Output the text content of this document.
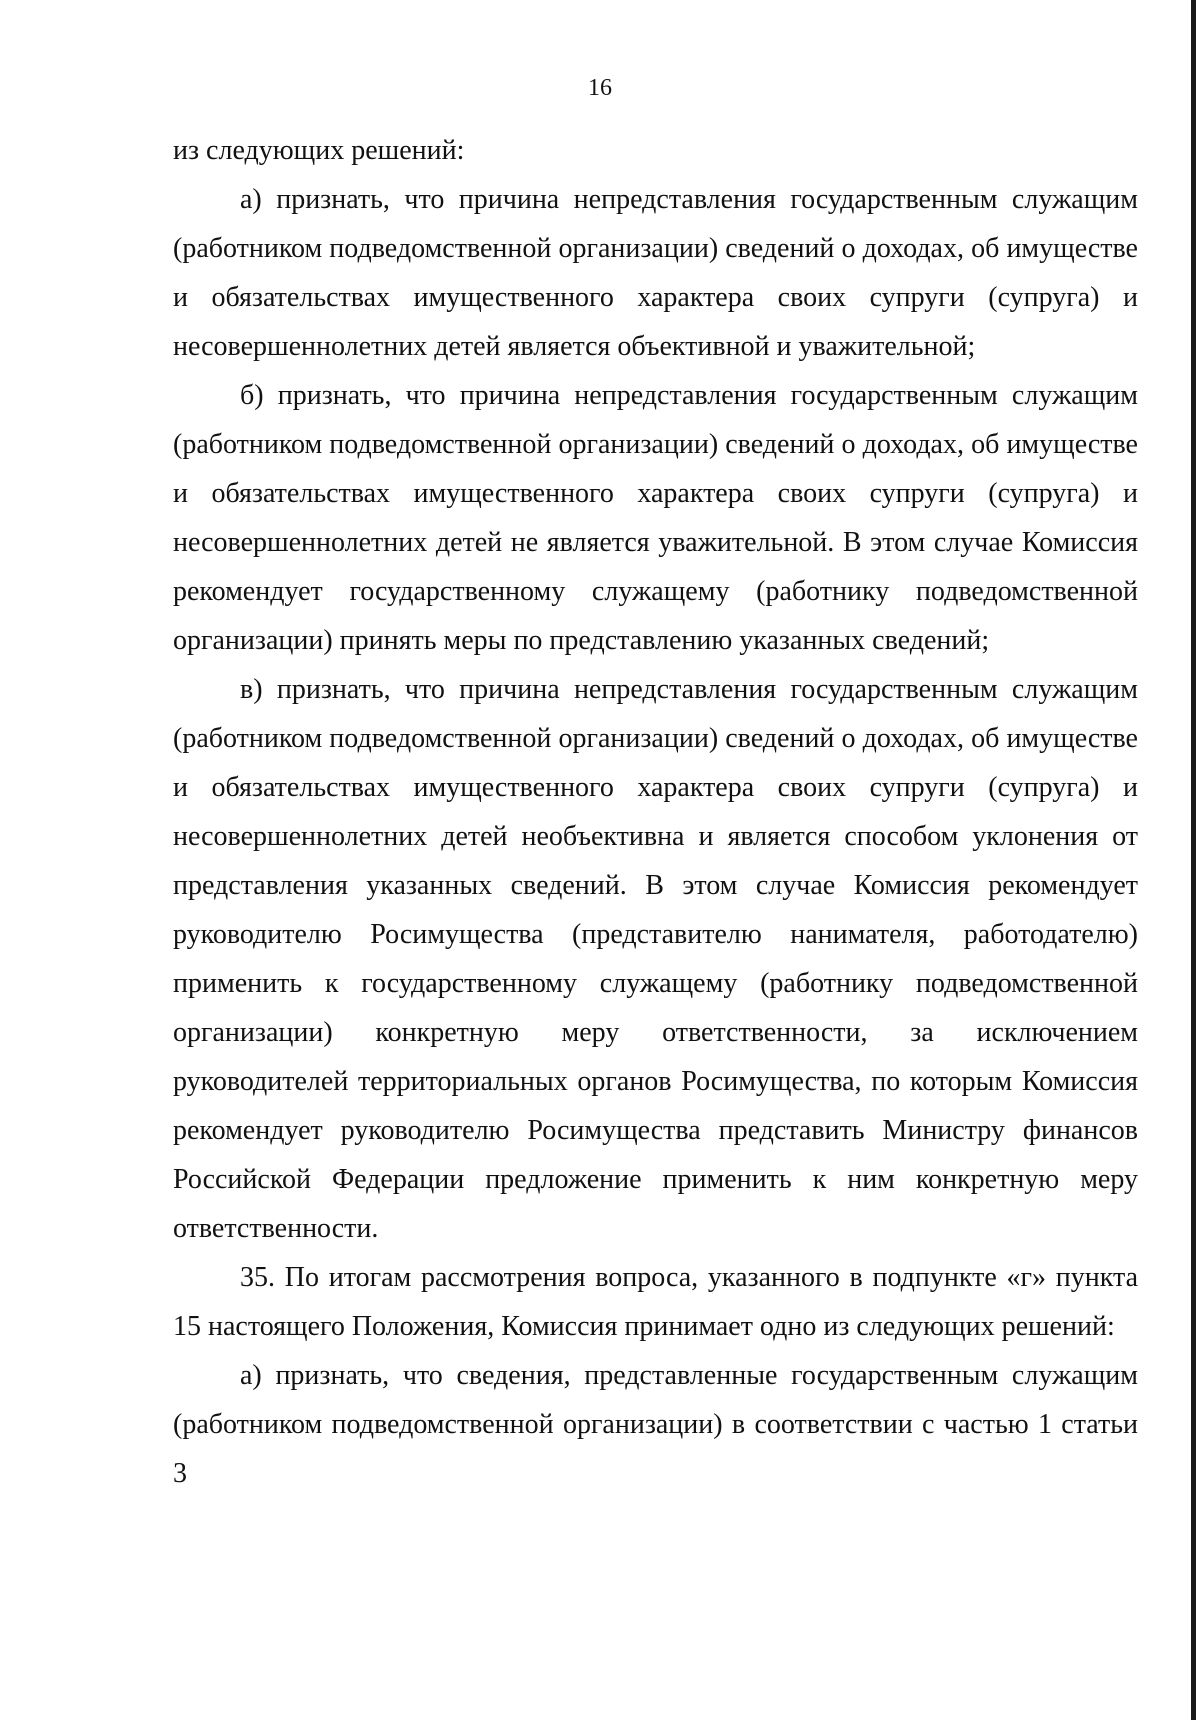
16

из следующих решений:

а) признать, что причина непредставления государственным служащим (работником подведомственной организации) сведений о доходах, об имуществе и обязательствах имущественного характера своих супруги (супруга) и несовершеннолетних детей является объективной и уважительной;

б) признать, что причина непредставления государственным служащим (работником подведомственной организации) сведений о доходах, об имуществе и обязательствах имущественного характера своих супруги (супруга) и несовершеннолетних детей не является уважительной. В этом случае Комиссия рекомендует государственному служащему (работнику подведомственной организации) принять меры по представлению указанных сведений;

в) признать, что причина непредставления государственным служащим (работником подведомственной организации) сведений о доходах, об имуществе и обязательствах имущественного характера своих супруги (супруга) и несовершеннолетних детей необъективна и является способом уклонения от представления указанных сведений. В этом случае Комиссия рекомендует руководителю Росимущества (представителю нанимателя, работодателю) применить к государственному служащему (работнику подведомственной организации) конкретную меру ответственности, за исключением руководителей территориальных органов Росимущества, по которым Комиссия рекомендует руководителю Росимущества представить Министру финансов Российской Федерации предложение применить к ним конкретную меру ответственности.

35. По итогам рассмотрения вопроса, указанного в подпункте «г» пункта 15 настоящего Положения, Комиссия принимает одно из следующих решений:

а) признать, что сведения, представленные государственным служащим (работником подведомственной организации) в соответствии с частью 1 статьи 3
